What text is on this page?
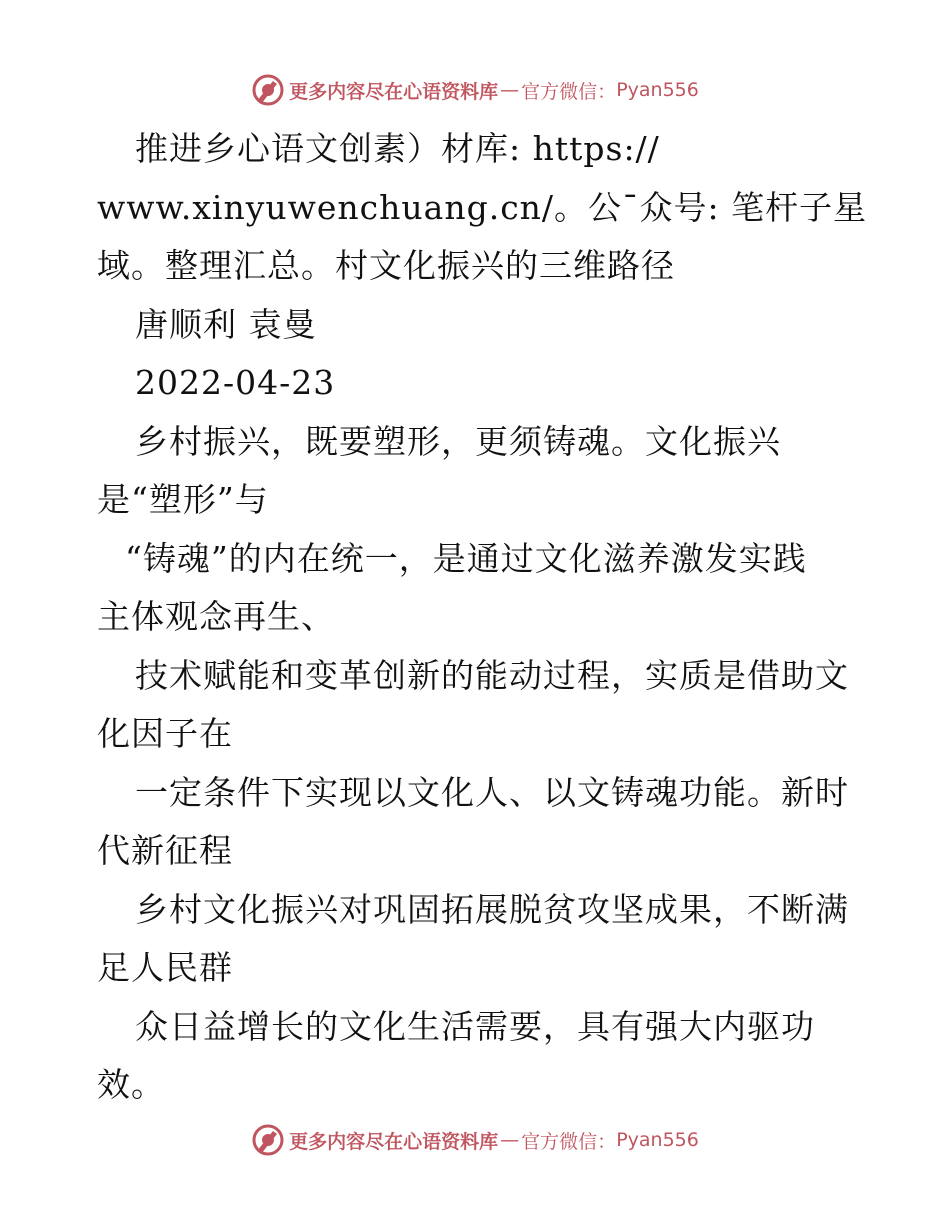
更多内容尽在心语资料库 — 官方微信： Pyan556
推进乡心语文创素）材库: https://
www.xinyuwenchuang.cn/。公¯众号: 笔杆子星
域。整理汇总。村文化振兴的三维路径
唐顺利 袁曼
2022-04-23
乡村振兴，既要塑形，更须铸魂。文化振兴
是“塑形”与
“铸魂”的内在统一，是通过文化滋养激发实践
主体观念再生、
技术赋能和变革创新的能动过程，实质是借助文
化因子在
一定条件下实现以文化人、以文铸魂功能。新时
代新征程
乡村文化振兴对巩固拓展脱贫攻坚成果，不断满
足人民群
众日益增长的文化生活需要，具有强大内驱功
效。
更多内容尽在心语资料库 — 官方微信： Pyan556
